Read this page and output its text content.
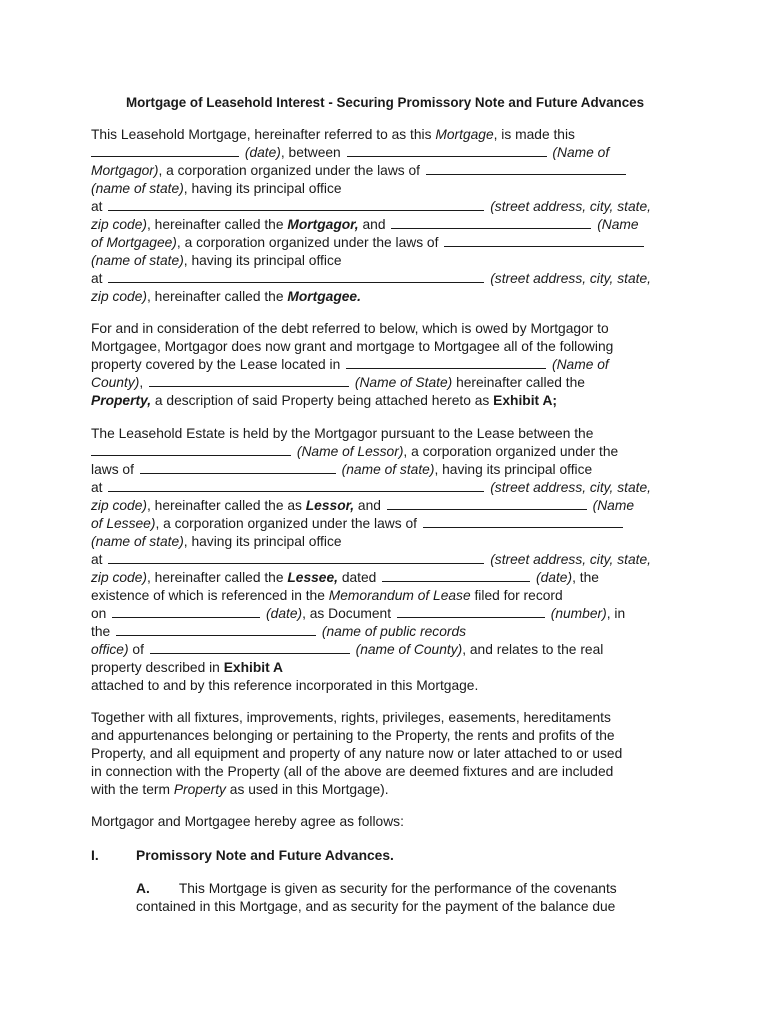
Mortgage of Leasehold Interest - Securing Promissory Note and Future Advances
This Leasehold Mortgage, hereinafter referred to as this Mortgage, is made this
(date), between	(Name of
Mortgagor), a corporation organized under the laws of
(name of state), having its principal office
at	(street address, city, state,
zip code), hereinafter called the Mortgagor, and	(Name
of Mortgagee), a corporation organized under the laws of
(name of state), having its principal office
at	(street address, city, state,
zip code), hereinafter called the Mortgagee.
For and in consideration of the debt referred to below, which is owed by Mortgagor to
Mortgagee, Mortgagor does now grant and mortgage to Mortgagee all of the following
property covered by the Lease located in	(Name of
County),	(Name of State) hereinafter called the
Property, a description of said Property being attached hereto as Exhibit A;
The Leasehold Estate is held by the Mortgagor pursuant to the Lease between the
(Name of Lessor), a corporation organized under the
laws of	(name of state), having its principal office
at	(street address, city, state,
zip code), hereinafter called the as Lessor, and	(Name
of Lessee), a corporation organized under the laws of
(name of state), having its principal office
at	(street address, city, state,
zip code), hereinafter called the Lessee, dated	(date), the
existence of which is referenced in the Memorandum of Lease filed for record
on	(date), as Document	(number), in
the	(name of public records
office) of	(name of County), and relates to the real
property described in Exhibit A
attached to and by this reference incorporated in this Mortgage.
Together with all fixtures, improvements, rights, privileges, easements, hereditaments
and appurtenances belonging or pertaining to the Property, the rents and profits of the
Property, and all equipment and property of any nature now or later attached to or used
in connection with the Property (all of the above are deemed fixtures and are included
with the term Property as used in this Mortgage).
Mortgagor and Mortgagee hereby agree as follows:
I.	Promissory Note and Future Advances.
A. This Mortgage is given as security for the performance of the covenants
contained in this Mortgage, and as security for the payment of the balance due
